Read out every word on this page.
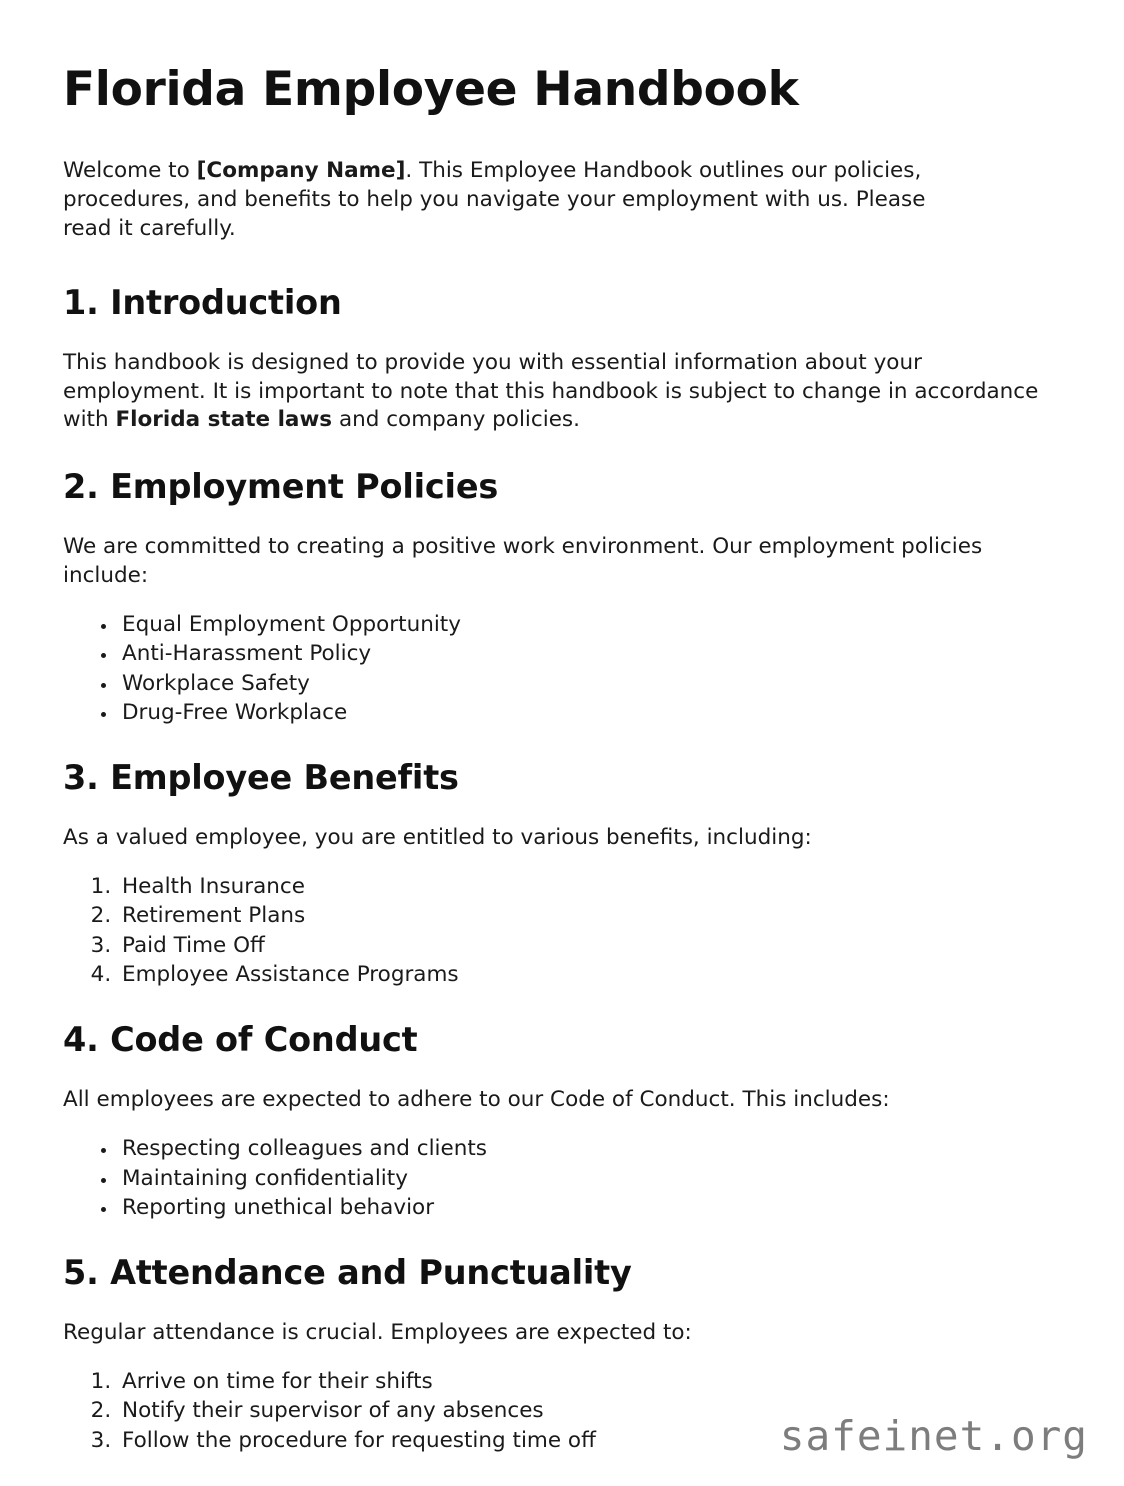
Florida Employee Handbook

Welcome to [Company Name]. This Employee Handbook outlines our policies, procedures, and benefits to help you navigate your employment with us. Please read it carefully.

1. Introduction

This handbook is designed to provide you with essential information about your employment. It is important to note that this handbook is subject to change in accordance with Florida state laws and company policies.

2. Employment Policies

We are committed to creating a positive work environment. Our employment policies include:

• Equal Employment Opportunity
• Anti-Harassment Policy
• Workplace Safety
• Drug-Free Workplace
3. Employee Benefits

As a valued employee, you are entitled to various benefits, including:

1. Health Insurance
2. Retirement Plans
3. Paid Time Off
4. Employee Assistance Programs
4. Code of Conduct

All employees are expected to adhere to our Code of Conduct. This includes:

• Respecting colleagues and clients
• Maintaining confidentiality
• Reporting unethical behavior
5. Attendance and Punctuality

Regular attendance is crucial. Employees are expected to:

1. Arrive on time for their shifts
2. Notify their supervisor of any absences
3. Follow the procedure for requesting time off	safeinet.org
